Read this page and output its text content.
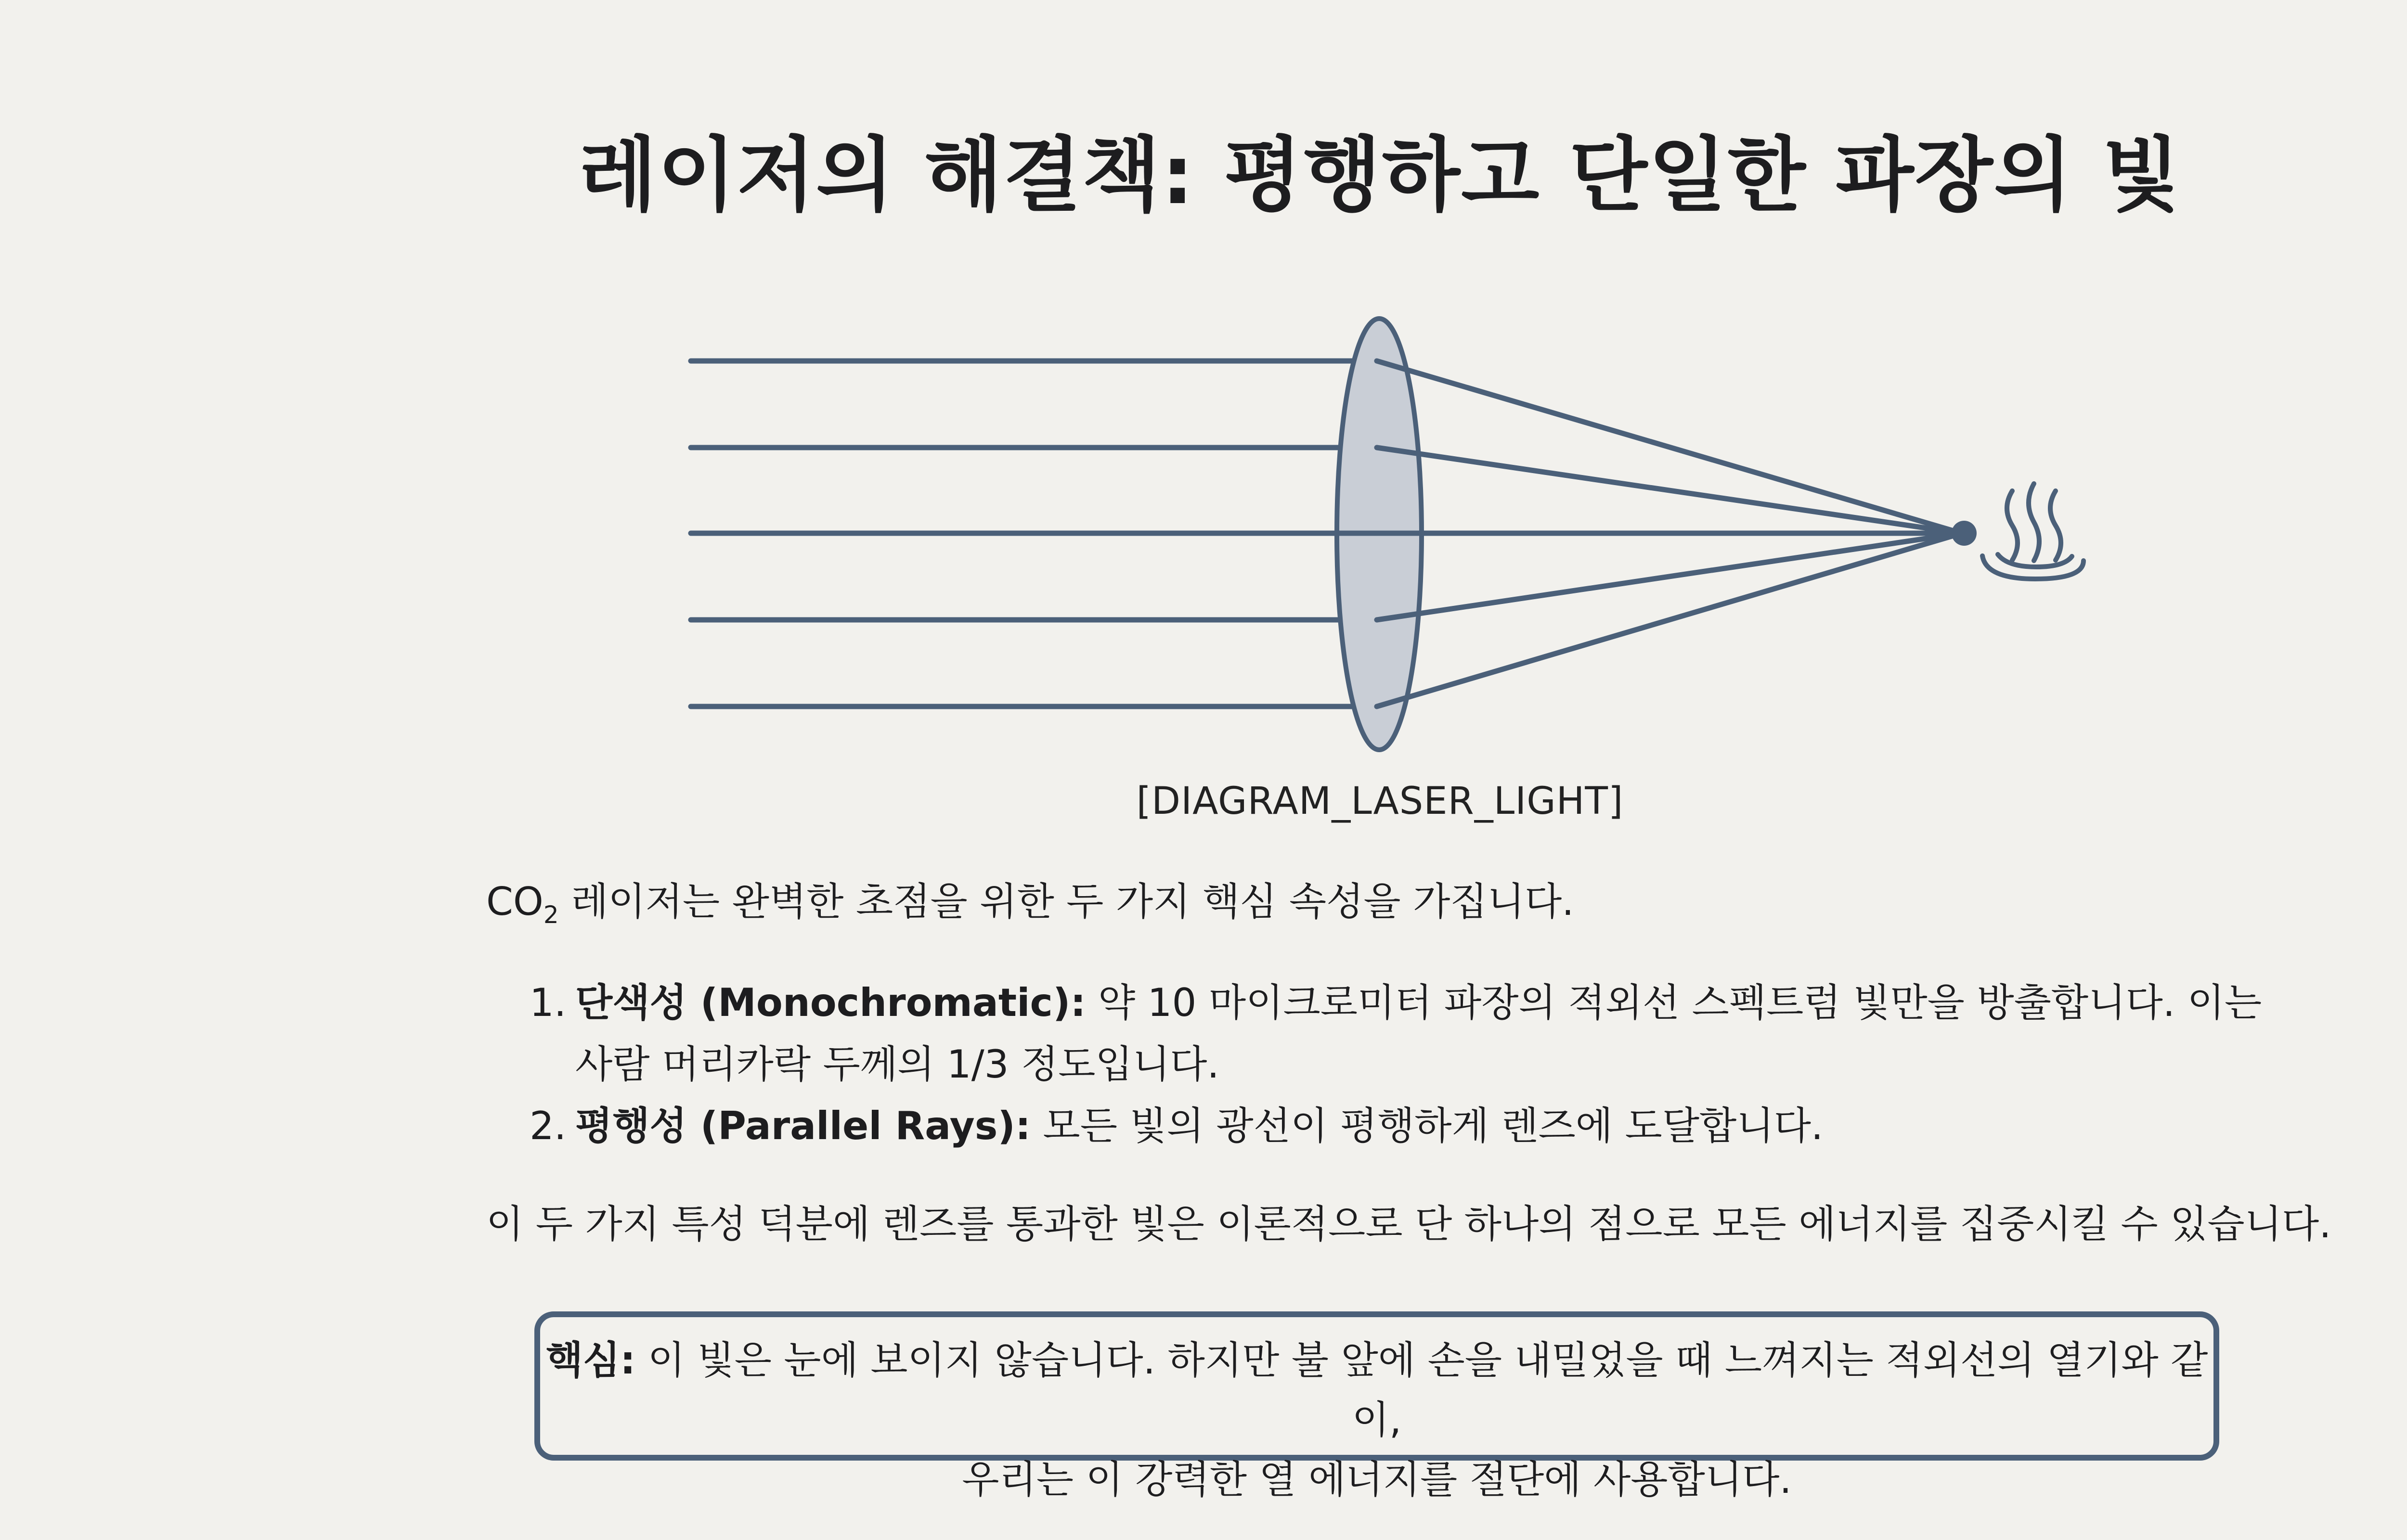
레이저의 해결책: 평행하고 단일한 파장의 빛
[DIAGRAM_LASER_LIGHT]
$CO_2$ 레이저는 완벽한 초점을 위한 두 가지 핵심 속성을 가집니다.
1. 단색성 (Monochromatic): 약 10 마이크로미터 파장의 적외선 스펙트럼 빛만을 방출합니다. 이는 사람 머리카락 두께의 1/3 정도입니다.
2. 평행성 (Parallel Rays): 모든 빛의 광선이 평행하게 렌즈에 도달합니다.
이 두 가지 특성 덕분에 렌즈를 통과한 빛은 이론적으로 단 하나의 점으로 모든 에너지를 집중시킬 수 있습니다.
핵심: 이 빛은 눈에 보이지 않습니다. 하지만 불 앞에 손을 내밀었을 때 느껴지는 적외선의 열기와 같이,
우리는 이 강력한 열 에너지를 절단에 사용합니다.
